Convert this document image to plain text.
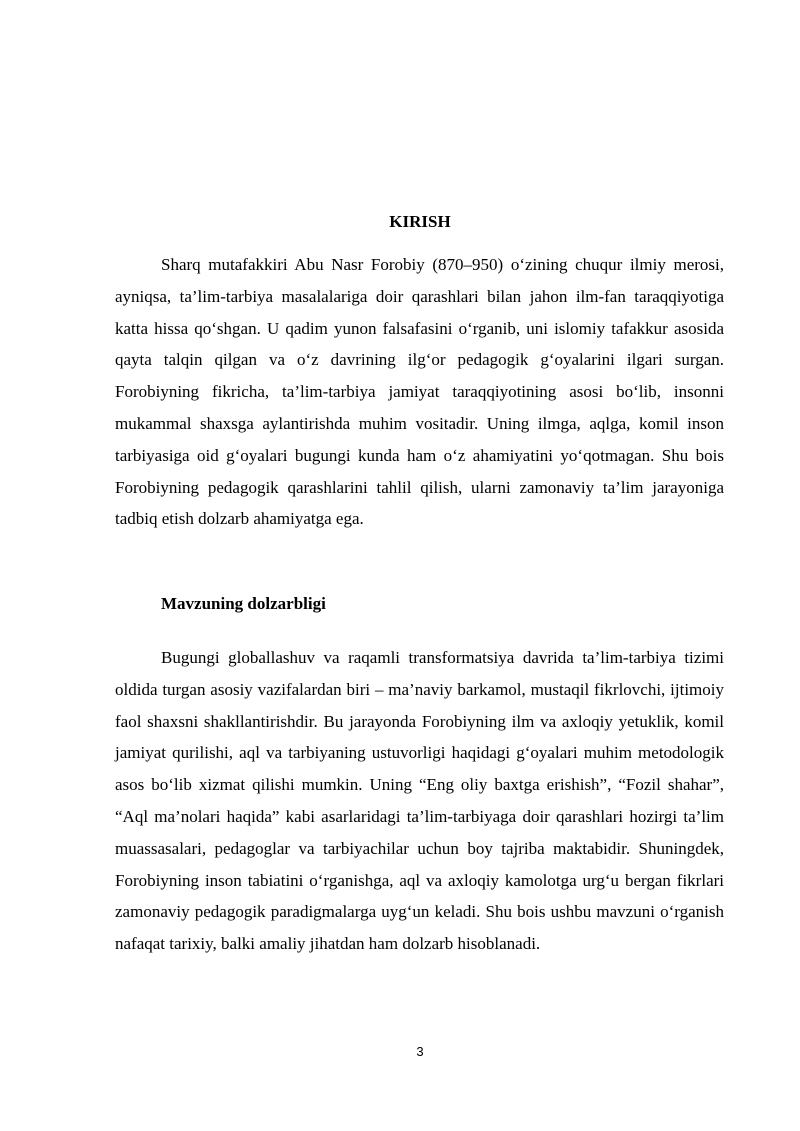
KIRISH

Sharq mutafakkiri Abu Nasr Forobiy (870–950) o‘zining chuqur ilmiy merosi, ayniqsa, ta’lim-tarbiya masalalariga doir qarashlari bilan jahon ilm-fan taraqqiyotiga katta hissa qo‘shgan. U qadim yunon falsafasini o‘rganib, uni islomiy tafakkur asosida qayta talqin qilgan va o‘z davrining ilg‘or pedagogik g‘oyalarini ilgari surgan. Forobiyning fikricha, ta’lim-tarbiya jamiyat taraqqiyotining asosi bo‘lib, insonni mukammal shaxsga aylantirishda muhim vositadir. Uning ilmga, aqlga, komil inson tarbiyasiga oid g‘oyalari bugungi kunda ham o‘z ahamiyatini yo‘qotmagan. Shu bois Forobiyning pedagogik qarashlarini tahlil qilish, ularni zamonaviy ta’lim jarayoniga tadbiq etish dolzarb ahamiyatga ega.

Mavzuning dolzarbligi

Bugungi globallashuv va raqamli transformatsiya davrida ta’lim-tarbiya tizimi oldida turgan asosiy vazifalardan biri – ma’naviy barkamol, mustaqil fikrlovchi, ijtimoiy faol shaxsni shakllantirishdir. Bu jarayonda Forobiyning ilm va axloqiy yetuklik, komil jamiyat qurilishi, aql va tarbiyaning ustuvorligi haqidagi g‘oyalari muhim metodologik asos bo‘lib xizmat qilishi mumkin. Uning “Eng oliy baxtga erishish”, “Fozil shahar”, “Aql ma’nolari haqida” kabi asarlaridagi ta’lim-tarbiyaga doir qarashlari hozirgi ta’lim muassasalari, pedagoglar va tarbiyachilar uchun boy tajriba maktabidir. Shuningdek, Forobiyning inson tabiatini o‘rganishga, aql va axloqiy kamolotga urg‘u bergan fikrlari zamonaviy pedagogik paradigmalarga uyg‘un keladi. Shu bois ushbu mavzuni o‘rganish nafaqat tarixiy, balki amaliy jihatdan ham dolzarb hisoblanadi.

3
